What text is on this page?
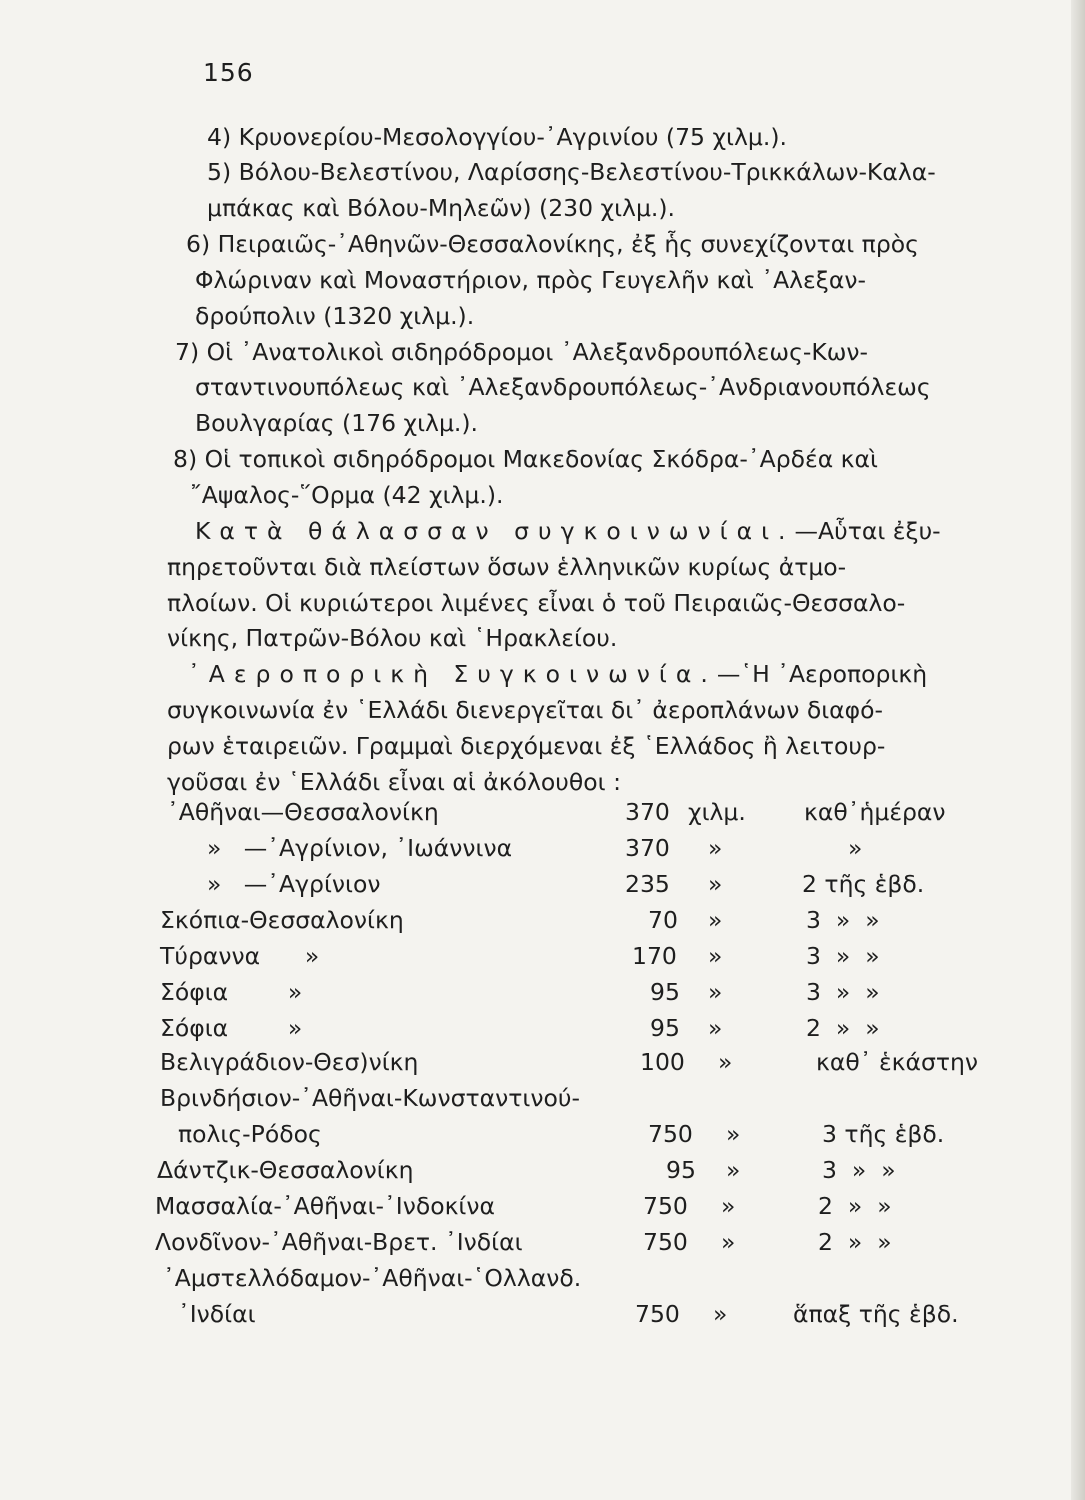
156
4) Κρυονερίου-Μεσολογγίου-᾿Αγρινίου (75 χιλμ.).
5) Βόλου-Βελεστίνου, Λαρίσσης-Βελεστίνου-Τρικκάλων-Καλα-
μπάκας καὶ Βόλου-Μηλεῶν) (230 χιλμ.).
6) Πειραιῶς-᾿Αθηνῶν-Θεσσαλονίκης, ἐξ ἧς συνεχίζονται πρὸς
Φλώριναν καὶ Μοναστήριον, πρὸς Γευγελῆν καὶ ᾿Αλεξαν-
δρούπολιν (1320 χιλμ.).
7) Οἱ ᾿Ανατολικοὶ σιδηρόδρομοι ᾿Αλεξανδρουπόλεως-Κων-
σταντινουπόλεως καὶ ᾿Αλεξανδρουπόλεως-᾿Ανδριανουπόλεως
Βουλγαρίας (176 χιλμ.).
8) Οἱ τοπικοὶ σιδηρόδρομοι Μακεδονίας Σκόδρα-᾿Αρδέα καὶ
῎Αψαλος-῞Ορμα (42 χιλμ.).
Κατὰ θάλασσαν συγκοινωνίαι.—Αὗται ἐξυ-
πηρετοῦνται διὰ πλείστων ὅσων ἑλληνικῶν κυρίως ἀτμο-
πλοίων. Οἱ κυριώτεροι λιμένες εἶναι ὁ τοῦ Πειραιῶς-Θεσσαλο-
νίκης, Πατρῶν-Βόλου καὶ ῾Ηρακλείου.
᾿Αεροπορικὴ Συγκοινωνία.—῾Η ᾿Αεροπορικὴ
συγκοινωνία ἐν ῾Ελλάδι διενεργεῖται δι᾿ ἀεροπλάνων διαφό-
ρων ἑταιρειῶν. Γραμμαὶ διερχόμεναι ἐξ ῾Ελλάδος ἢ λειτουρ-
γοῦσαι ἐν ῾Ελλάδι εἶναι αἱ ἀκόλουθοι :
᾿Αθῆναι—Θεσσαλονίκη	370 χιλμ. καθ᾿ἡμέραν
»   —᾿Αγρίνιον, ᾿Ιωάννινα	370 »	»
»   —᾿Αγρίνιον	235 »	2 τῆς ἑβδ.
Σκόπια-Θεσσαλονίκη	70 »	3  »  »
Τύραννα      »	170 »	3  »  »
Σόφια        »	95 »	3  »  »
Σόφια        »	95 »	2  »  »
Βελιγράδιον-Θεσ)νίκη	100 »	καθ᾿ ἑκάστην
Βρινδήσιον-᾿Αθῆναι-Κωνσταντινού-
πολις-Ρόδος	750 »	3 τῆς ἑβδ.
Δάντζικ-Θεσσαλονίκη	95 »	3  »  »
Μασσαλία-᾿Αθῆναι-᾿Ινδοκίνα	750 »	2  »  »
Λονδῖνον-᾿Αθῆναι-Βρετ. ᾿Ινδίαι	750 »	2  »  »
᾿Αμστελλόδαμον-᾿Αθῆναι-῾Ολλανδ.
᾿Ινδίαι	750 »	ἅπαξ τῆς ἑβδ.
